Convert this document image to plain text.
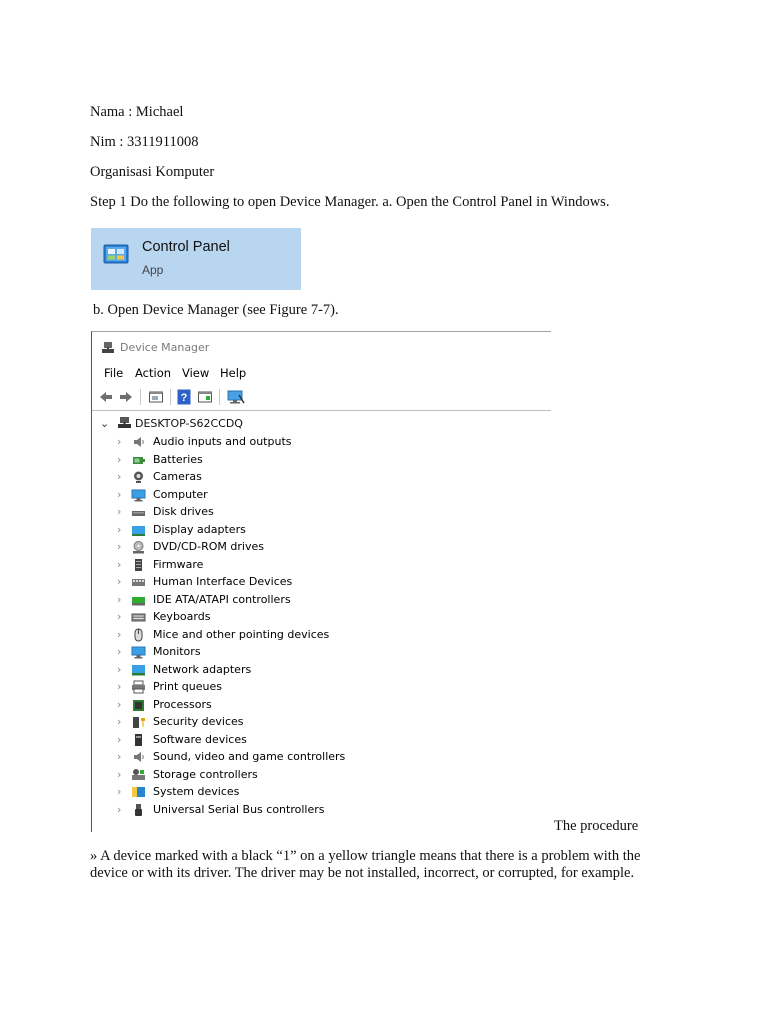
Nama : Michael
Nim : 3311911008
Organisasi Komputer
Step 1 Do the following to open Device Manager. a. Open the Control Panel in Windows.
Control Panel
App
b. Open Device Manager (see Figure 7-7).
Device Manager
File Action View Help
?
⌄ DESKTOP-S62CCDQ
›	Audio inputs and outputs
›	Batteries
›	Cameras
›	Computer
›	Disk drives
›	Display adapters
›	DVD/CD-ROM drives
›	Firmware
›	Human Interface Devices
›	IDE ATA/ATAPI controllers
›	Keyboards
›	Mice and other pointing devices
›	Monitors
›	Network adapters
›	Print queues
›	Processors
›	Security devices
›	Software devices
›	Sound, video and game controllers
›	Storage controllers
›	System devices
›	Universal Serial Bus controllers
The procedure
» A device marked with a black “1” on a yellow triangle means that there is a problem with the
device or with its driver. The driver may be not installed, incorrect, or corrupted, for example.
